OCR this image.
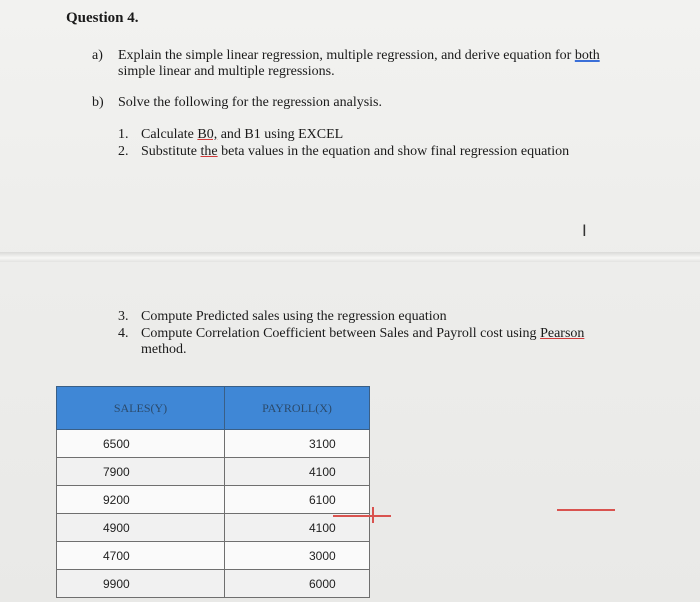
Question 4.
a) Explain the simple linear regression, multiple regression, and derive equation for both
simple linear and multiple regressions.
b) Solve the following for the regression analysis.
1. Calculate B0, and B1 using EXCEL
2. Substitute the beta values in the equation and show final regression equation
I
3. Compute Predicted sales using the regression equation
4. Compute Correlation Coefficient between Sales and Payroll cost using Pearson
method.
SALES(Y)	PAYROLL(X)
6500	3100
7900	4100
9200	6100
4900	4100
4700	3000
9900	6000
